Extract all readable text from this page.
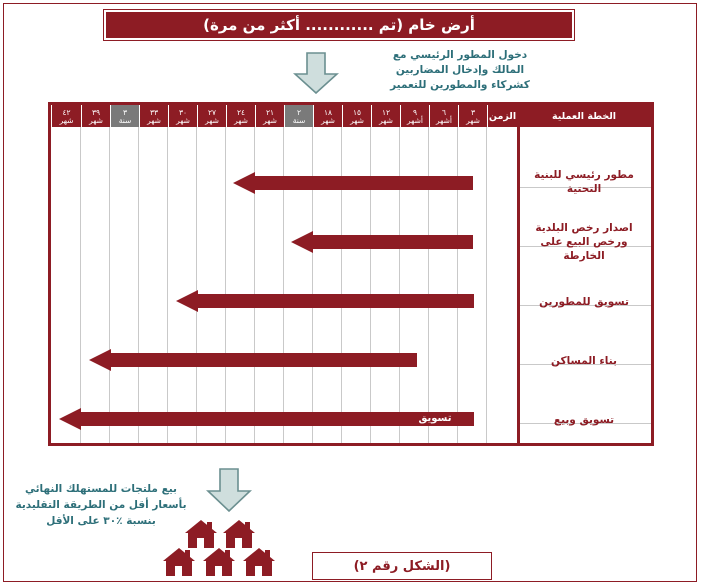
أرض خام (تم ............ أكثر من مرة)
دخول المطور الرئيسي مع المالك وإدخال المضاربين كشركاء والمطورين للتعمير
الخطة العملية
الزمن
٣
شهر
٦
أشهر
٩
أشهر
١٢
شهر
١٥
شهر
١٨
شهر
٢
سنة
٢١
شهر
٢٤
شهر
٢٧
شهر
٣٠
شهر
٣٣
شهر
٣
سنة
٣٩
شهر
٤٢
شهر
مطور رئيسي للبنية التحتية
اصدار رخص البلدية ورخص البيع على الخارطة
تسويق للمطورين
بناء المساكن
تسويق وبيع
تسويق
بيع ملتجات للمستهلك النهائي بأسعار أقل من الطريقة التقليدية بنسبة ٪٣٠ على الأقل
(الشكل رقم ٢)
